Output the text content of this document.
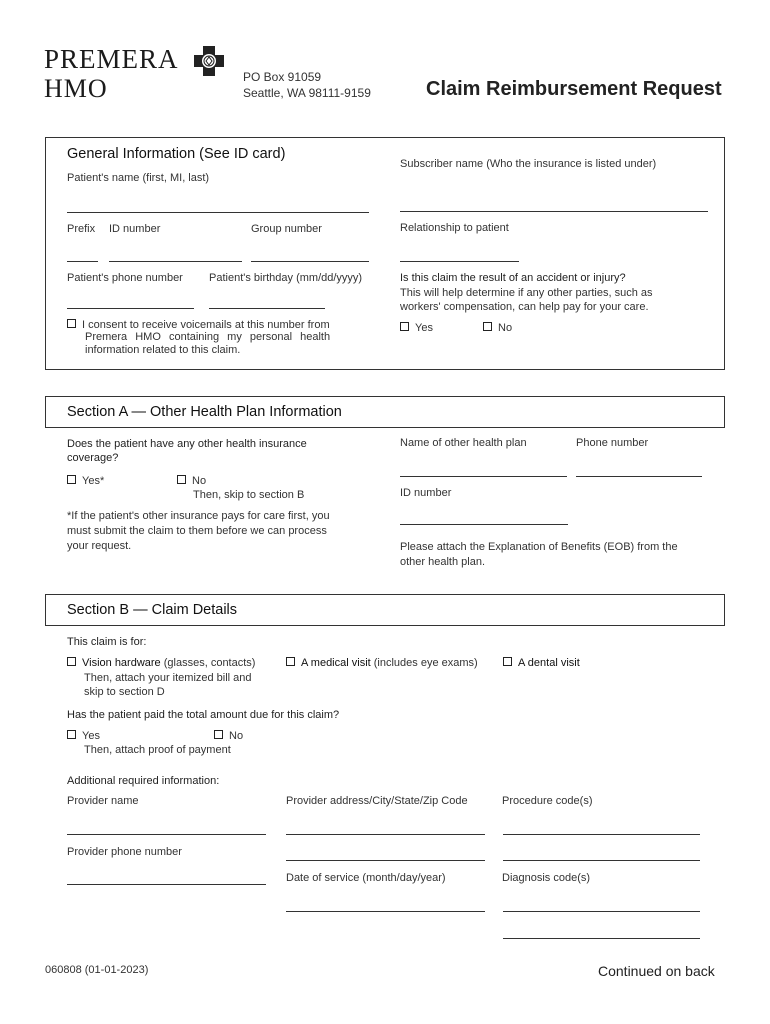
PREMERA
HMO	PO Box 91059
Seattle, WA 98111-9159	Claim Reimbursement Request
General Information (See ID card)
Patient's name (first, MI, last)
Subscriber name (Who the insurance is listed under)
Prefix ID number	Group number	Relationship to patient
Patient's phone number Patient's birthday (mm/dd/yyyy)	Is this claim the result of an accident or injury?
This will help determine if any other parties, such as
workers' compensation, can help pay for your care.
Yes	No
I consent to receive voicemails at this number from
Premera HMO containing my personal health
information related to this claim.
Section A — Other Health Plan Information
Does the patient have any other health insurance
coverage?
Yes*	No
Then, skip to section B
*If the patient's other insurance pays for care first, you
must submit the claim to them before we can process
your request.
Name of other health plan	Phone number
ID number
Please attach the Explanation of Benefits (EOB) from the
other health plan.
Section B — Claim Details
This claim is for:
Vision hardware (glasses, contacts)
Then, attach your itemized bill and
skip to section D
A medical visit (includes eye exams)	A dental visit
Has the patient paid the total amount due for this claim?
Yes	No
Then, attach proof of payment
Additional required information:
Provider name	Provider address/City/State/Zip Code	Procedure code(s)
Provider phone number
Date of service (month/day/year)	Diagnosis code(s)
060808 (01-01-2023)	Continued on back
